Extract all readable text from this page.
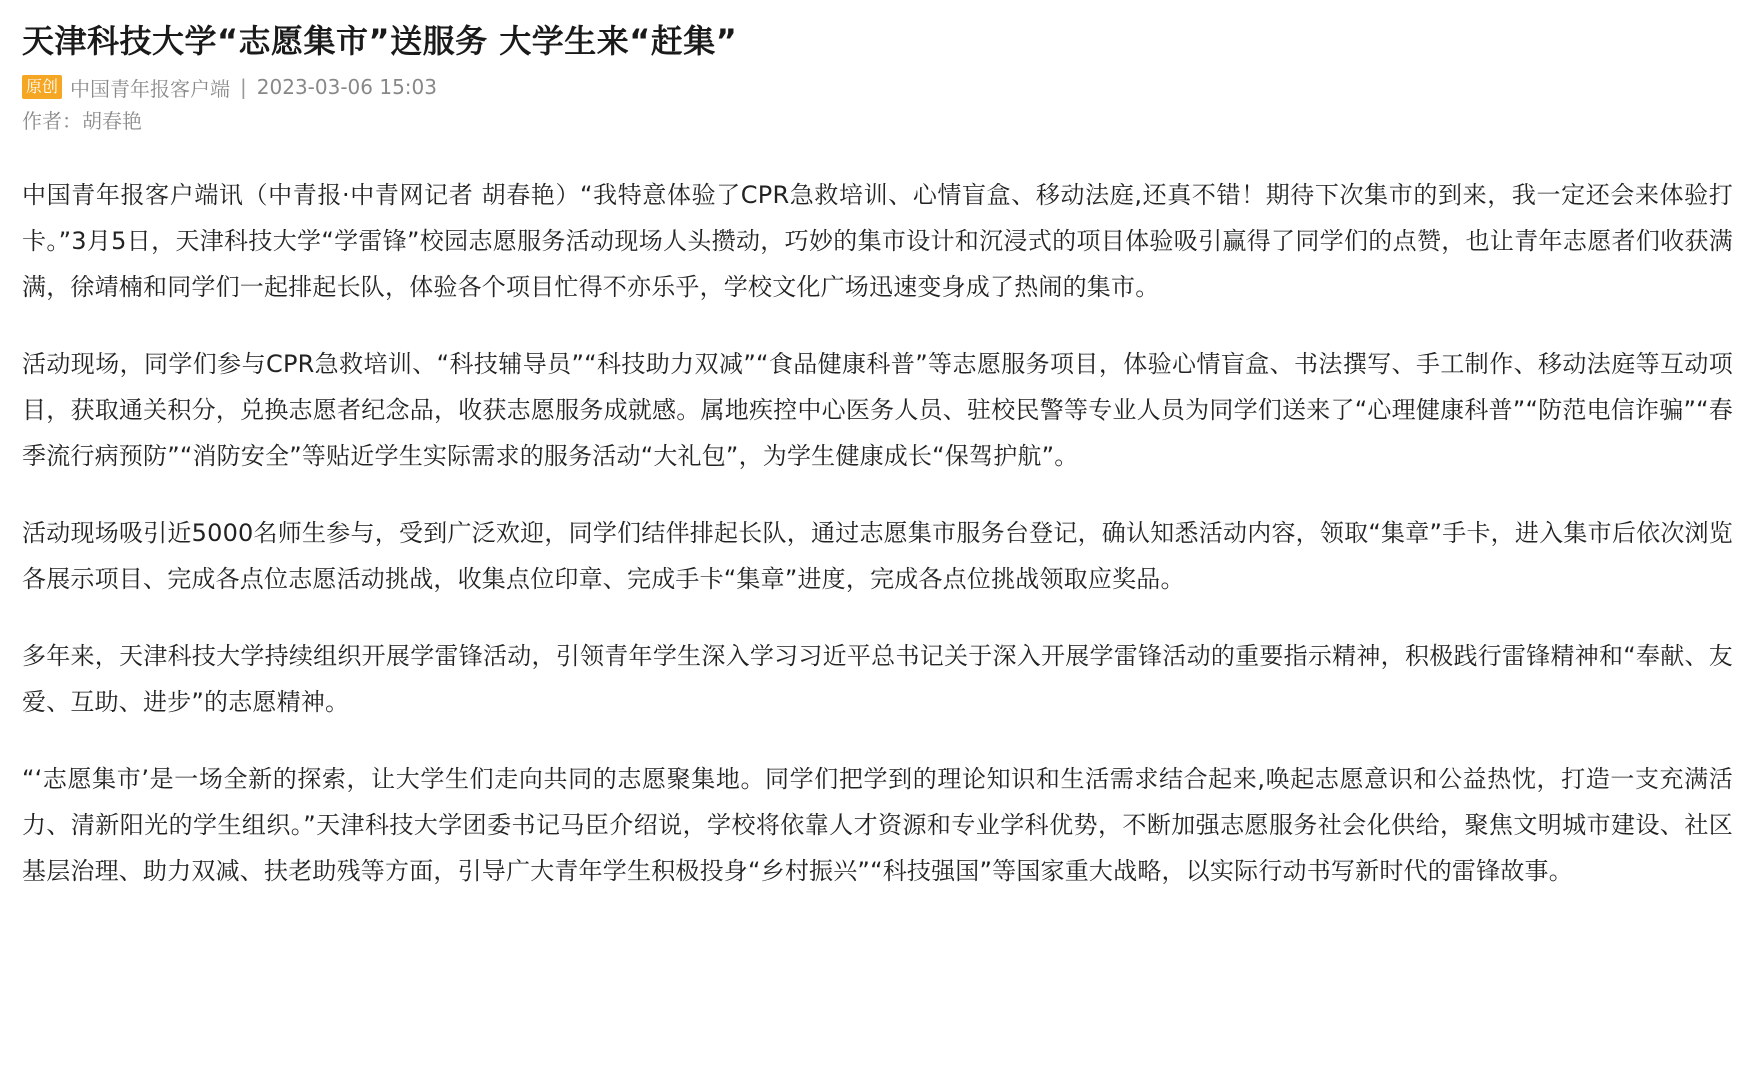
天津科技大学“志愿集市”送服务 大学生来“赶集”
原创 中国青年报客户端 | 2023-03-06 15:03
作者：胡春艳

中国青年报客户端讯（中青报·中青网记者 胡春艳）“我特意体验了CPR急救培训、心情盲盒、移动法庭,还真不错！期待下次集市的到来，我一定还会来体验打卡。”3月5日，天津科技大学“学雷锋”校园志愿服务活动现场人头攒动，巧妙的集市设计和沉浸式的项目体验吸引赢得了同学们的点赞，也让青年志愿者们收获满满，徐靖楠和同学们一起排起长队，体验各个项目忙得不亦乐乎，学校文化广场迅速变身成了热闹的集市。

活动现场，同学们参与CPR急救培训、“科技辅导员”“科技助力双减”“食品健康科普”等志愿服务项目，体验心情盲盒、书法撰写、手工制作、移动法庭等互动项目，获取通关积分，兑换志愿者纪念品，收获志愿服务成就感。属地疾控中心医务人员、驻校民警等专业人员为同学们送来了“心理健康科普”“防范电信诈骗”“春季流行病预防”“消防安全”等贴近学生实际需求的服务活动“大礼包”，为学生健康成长“保驾护航”。

活动现场吸引近5000名师生参与，受到广泛欢迎，同学们结伴排起长队，通过志愿集市服务台登记，确认知悉活动内容，领取“集章”手卡，进入集市后依次浏览各展示项目、完成各点位志愿活动挑战，收集点位印章、完成手卡“集章”进度，完成各点位挑战领取应奖品。

多年来，天津科技大学持续组织开展学雷锋活动，引领青年学生深入学习习近平总书记关于深入开展学雷锋活动的重要指示精神，积极践行雷锋精神和“奉献、友爱、互助、进步”的志愿精神。

“‘志愿集市’是一场全新的探索，让大学生们走向共同的志愿聚集地。同学们把学到的理论知识和生活需求结合起来,唤起志愿意识和公益热忱，打造一支充满活力、清新阳光的学生组织。”天津科技大学团委书记马臣介绍说，学校将依靠人才资源和专业学科优势，不断加强志愿服务社会化供给，聚焦文明城市建设、社区基层治理、助力双减、扶老助残等方面，引导广大青年学生积极投身“乡村振兴”“科技强国”等国家重大战略，以实际行动书写新时代的雷锋故事。
